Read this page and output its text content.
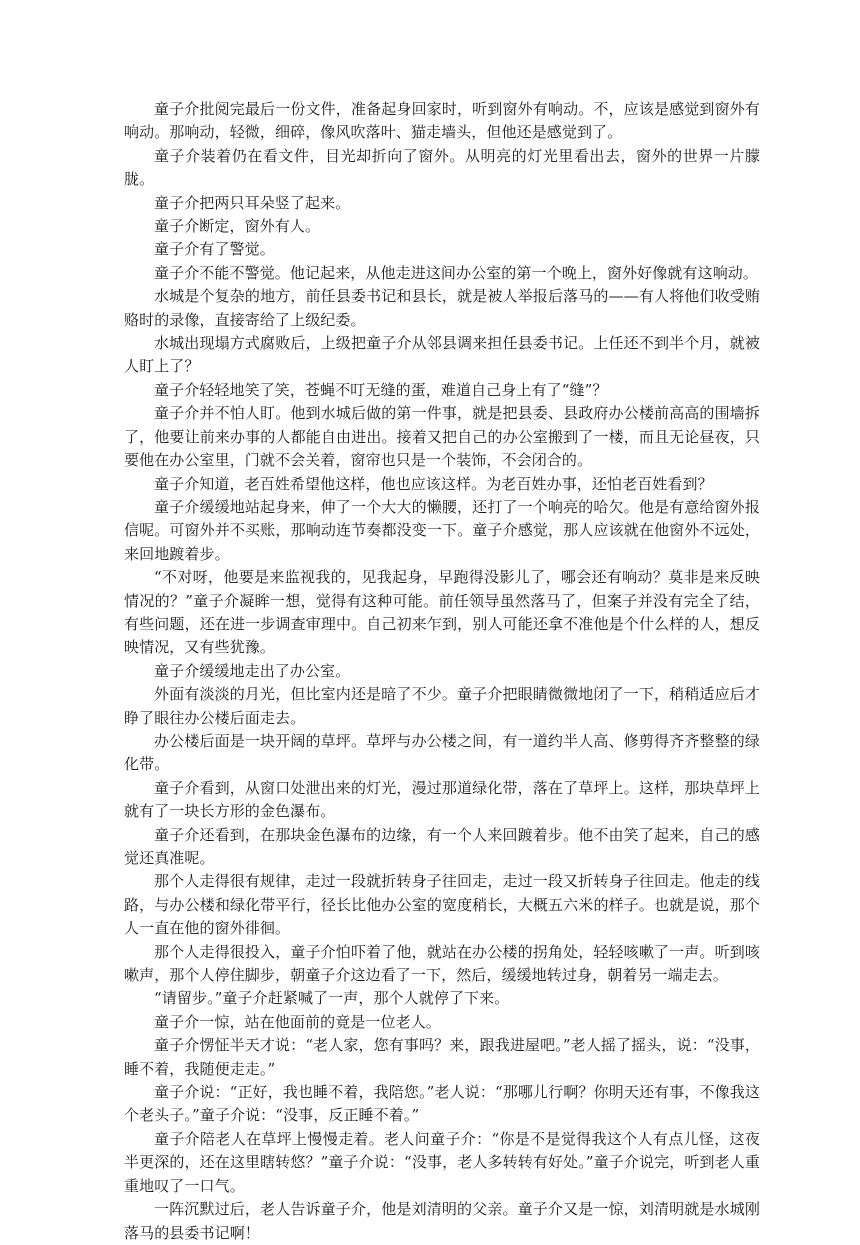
童子介批阅完最后一份文件，准备起身回家时，听到窗外有响动。不，应该是感觉到窗外有响动。那响动，轻微，细碎，像风吹落叶、猫走墙头，但他还是感觉到了。

童子介装着仍在看文件，目光却折向了窗外。从明亮的灯光里看出去，窗外的世界一片朦胧。

童子介把两只耳朵竖了起来。

童子介断定，窗外有人。

童子介有了警觉。

童子介不能不警觉。他记起来，从他走进这间办公室的第一个晚上，窗外好像就有这响动。

水城是个复杂的地方，前任县委书记和县长，就是被人举报后落马的——有人将他们收受贿赂时的录像，直接寄给了上级纪委。

水城出现塌方式腐败后，上级把童子介从邻县调来担任县委书记。上任还不到半个月，就被人盯上了？

童子介轻轻地笑了笑，苍蝇不叮无缝的蛋，难道自己身上有了“缝”？

童子介并不怕人盯。他到水城后做的第一件事，就是把县委、县政府办公楼前高高的围墙拆了，他要让前来办事的人都能自由进出。接着又把自己的办公室搬到了一楼，而且无论昼夜，只要他在办公室里，门就不会关着，窗帘也只是一个装饰，不会闭合的。

童子介知道，老百姓希望他这样，他也应该这样。为老百姓办事，还怕老百姓看到？

童子介缓缓地站起身来，伸了一个大大的懒腰，还打了一个响亮的哈欠。他是有意给窗外报信呢。可窗外并不买账，那响动连节奏都没变一下。童子介感觉，那人应该就在他窗外不远处，来回地踱着步。

“不对呀，他要是来监视我的，见我起身，早跑得没影儿了，哪会还有响动？莫非是来反映情况的？”童子介凝眸一想，觉得有这种可能。前任领导虽然落马了，但案子并没有完全了结，有些问题，还在进一步调查审理中。自己初来乍到，别人可能还拿不准他是个什么样的人，想反映情况，又有些犹豫。

童子介缓缓地走出了办公室。

外面有淡淡的月光，但比室内还是暗了不少。童子介把眼睛微微地闭了一下，稍稍适应后才睁了眼往办公楼后面走去。

办公楼后面是一块开阔的草坪。草坪与办公楼之间，有一道约半人高、修剪得齐齐整整的绿化带。

童子介看到，从窗口处泄出来的灯光，漫过那道绿化带，落在了草坪上。这样，那块草坪上就有了一块长方形的金色瀑布。

童子介还看到，在那块金色瀑布的边缘，有一个人来回踱着步。他不由笑了起来，自己的感觉还真准呢。

那个人走得很有规律，走过一段就折转身子往回走，走过一段又折转身子往回走。他走的线路，与办公楼和绿化带平行，径长比他办公室的宽度稍长，大概五六米的样子。也就是说，那个人一直在他的窗外徘徊。

那个人走得很投入，童子介怕吓着了他，就站在办公楼的拐角处，轻轻咳嗽了一声。听到咳嗽声，那个人停住脚步，朝童子介这边看了一下，然后，缓缓地转过身，朝着另一端走去。

“请留步。”童子介赶紧喊了一声，那个人就停了下来。

童子介一惊，站在他面前的竟是一位老人。

童子介愣怔半天才说：“老人家，您有事吗？来，跟我进屋吧。”老人摇了摇头，说：“没事，睡不着，我随便走走。”

童子介说：“正好，我也睡不着，我陪您。”老人说：“那哪儿行啊？你明天还有事，不像我这个老头子。”童子介说：“没事，反正睡不着。”

童子介陪老人在草坪上慢慢走着。老人问童子介：“你是不是觉得我这个人有点儿怪，这夜半更深的，还在这里瞎转悠？”童子介说：“没事，老人多转转有好处。”童子介说完，听到老人重重地叹了一口气。

一阵沉默过后，老人告诉童子介，他是刘清明的父亲。童子介又是一惊，刘清明就是水城刚落马的县委书记啊！
